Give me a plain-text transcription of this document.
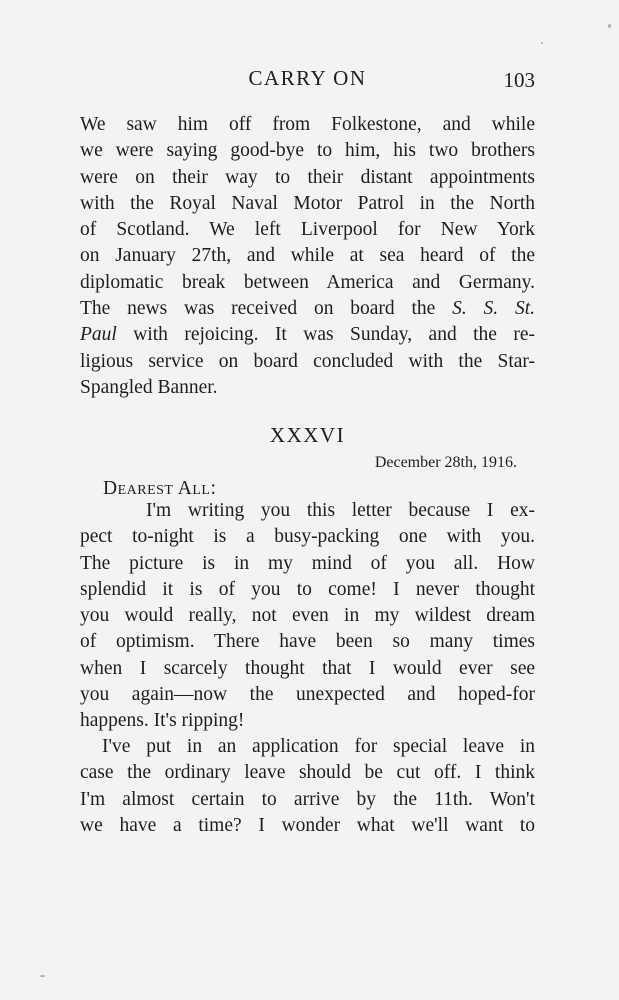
CARRY ON	103
We saw him off from Folkestone, and while
we were saying good-bye to him, his two brothers
were on their way to their distant appointments
with the Royal Naval Motor Patrol in the North
of Scotland. We left Liverpool for New York
on January 27th, and while at sea heard of the
diplomatic break between America and Germany.
The news was received on board the S. S. St.
Paul with rejoicing. It was Sunday, and the re-
ligious service on board concluded with the Star-
Spangled Banner.
XXXVI
December 28th, 1916.
Dearest All:
I'm writing you this letter because I ex-
pect to-night is a busy-packing one with you.
The picture is in my mind of you all. How
splendid it is of you to come! I never thought
you would really, not even in my wildest dream
of optimism. There have been so many times
when I scarcely thought that I would ever see
you again—now the unexpected and hoped-for
happens. It's ripping!
I've put in an application for special leave in
case the ordinary leave should be cut off. I think
I'm almost certain to arrive by the 11th. Won't
we have a time? I wonder what we'll want to
